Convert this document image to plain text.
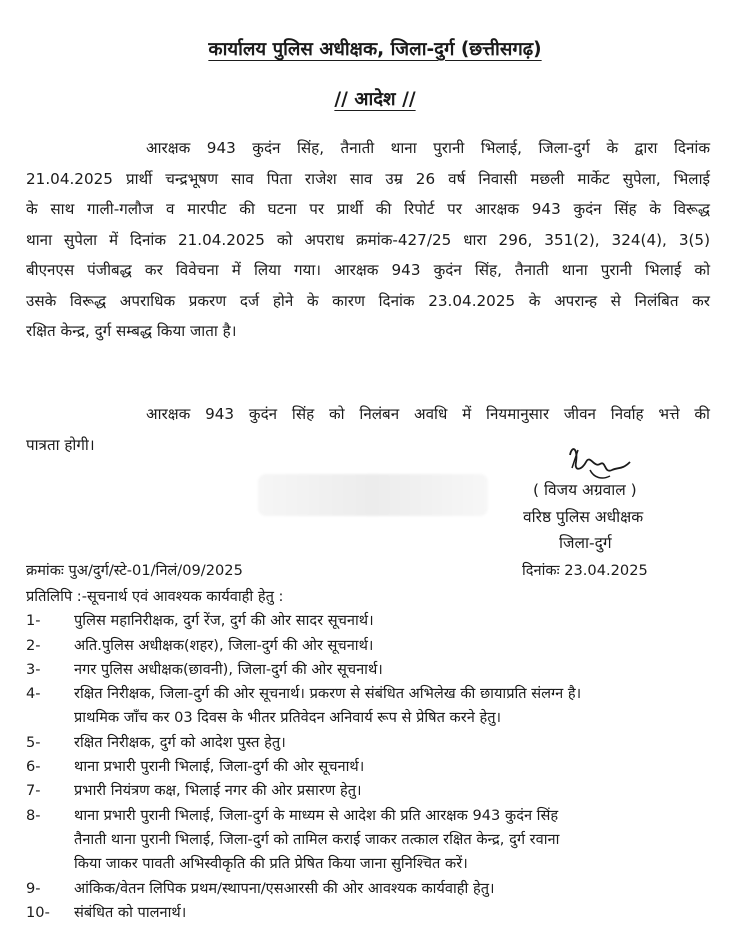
कार्यालय पुलिस अधीक्षक, जिला-दुर्ग (छत्तीसगढ़)
// आदेश //
आरक्षक 943 कुदंन सिंह, तैनाती थाना पुरानी भिलाई, जिला-दुर्ग के द्वारा दिनांक
21.04.2025 प्रार्थी चन्द्रभूषण साव पिता राजेश साव उम्र 26 वर्ष निवासी मछली मार्केट सुपेला, भिलाई
के साथ गाली-गलौज व मारपीट की घटना पर प्रार्थी की रिपोर्ट पर आरक्षक 943 कुदंन सिंह के विरूद्ध
थाना सुपेला में दिनांक 21.04.2025 को अपराध क्रमांक-427/25 धारा 296, 351(2), 324(4), 3(5)
बीएनएस पंजीबद्ध कर विवेचना में लिया गया। आरक्षक 943 कुदंन सिंह, तैनाती थाना पुरानी भिलाई को
उसके विरूद्ध अपराधिक प्रकरण दर्ज होने के कारण दिनांक 23.04.2025 के अपरान्ह से निलंबित कर
रक्षित केन्द्र, दुर्ग सम्बद्ध किया जाता है।
आरक्षक 943 कुदंन सिंह को निलंबन अवधि में नियमानुसार जीवन निर्वाह भत्ते की
पात्रता होगी।
( विजय अग्रवाल )
वरिष्ठ पुलिस अधीक्षक
जिला-दुर्ग
क्रमांकः पुअ/दुर्ग/स्टे-01/निलं/09/2025	दिनांकः 23.04.2025
प्रतिलिपि :-सूचनार्थ एवं आवश्यक कार्यवाही हेतु :
1-	पुलिस महानिरीक्षक, दुर्ग रेंज, दुर्ग की ओर सादर सूचनार्थ।
2-	अति.पुलिस अधीक्षक(शहर), जिला-दुर्ग की ओर सूचनार्थ।
3-	नगर पुलिस अधीक्षक(छावनी), जिला-दुर्ग की ओर सूचनार्थ।
4-	रक्षित निरीक्षक, जिला-दुर्ग की ओर सूचनार्थ। प्रकरण से संबंधित अभिलेख की छायाप्रति संलग्न है।
प्राथमिक जाँच कर 03 दिवस के भीतर प्रतिवेदन अनिवार्य रूप से प्रेषित करने हेतु।
5-	रक्षित निरीक्षक, दुर्ग को आदेश पुस्त हेतु।
6-	थाना प्रभारी पुरानी भिलाई, जिला-दुर्ग की ओर सूचनार्थ।
7-	प्रभारी नियंत्रण कक्ष, भिलाई नगर की ओर प्रसारण हेतु।
8-	थाना प्रभारी पुरानी भिलाई, जिला-दुर्ग के माध्यम से आदेश की प्रति आरक्षक 943 कुदंन सिंह
तैनाती थाना पुरानी भिलाई, जिला-दुर्ग को तामिल कराई जाकर तत्काल रक्षित केन्द्र, दुर्ग रवाना
किया जाकर पावती अभिस्वीकृति की प्रति प्रेषित किया जाना सुनिश्चित करें।
9-	आंकिक/वेतन लिपिक प्रथम/स्थापना/एसआरसी की ओर आवश्यक कार्यवाही हेतु।
10-	संबंधित को पालनार्थ।
